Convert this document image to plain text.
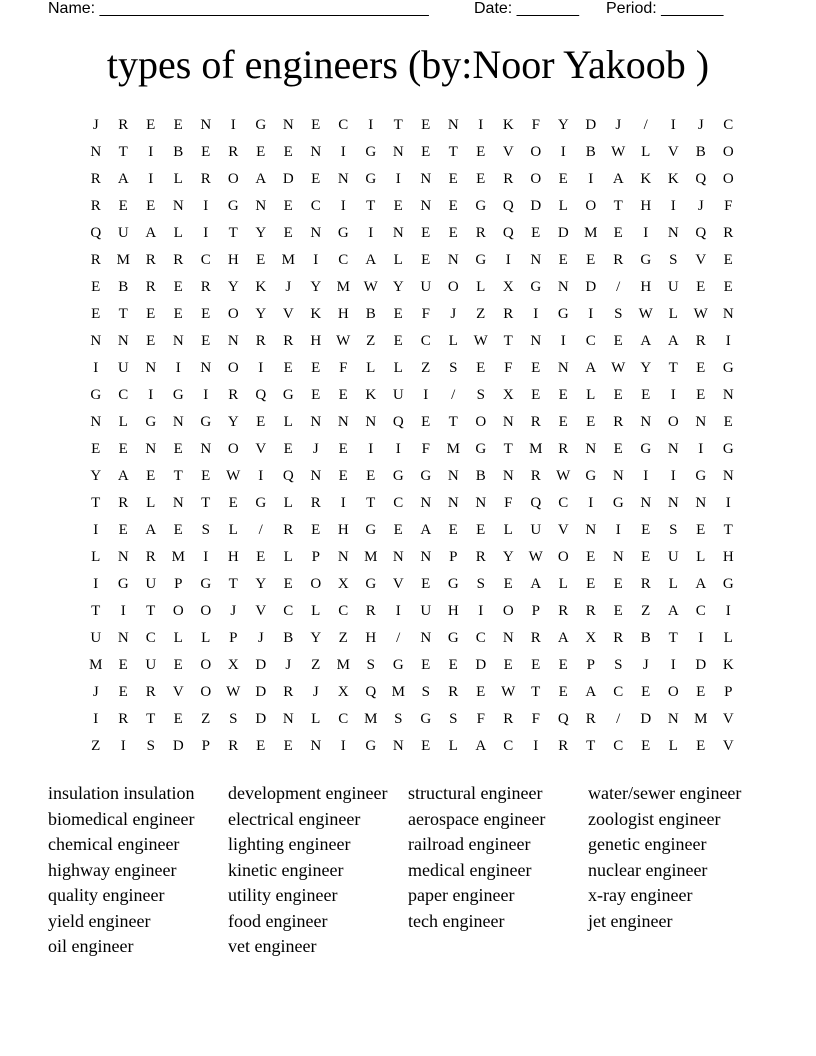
Name: _____________________________________	Date: _______ Period: _______
types of engineers (by:Noor Yakoob )
J	R	E	E	N	I	G	N	E	C	I	T	E	N	I	K	F	Y	D	J	/	I	J	C
N	T	I	B	E	R	E	E	N	I	G	N	E	T	E	V	O	I	B	W	L	V	B	O
R	A	I	L	R	O	A	D	E	N	G	I	N	E	E	R	O	E	I	A	K	K	Q	O
R	E	E	N	I	G	N	E	C	I	T	E	N	E	G	Q	D	L	O	T	H	I	J	F
Q	U	A	L	I	T	Y	E	N	G	I	N	E	E	R	Q	E	D	M	E	I	N	Q	R
R	M	R	R	C	H	E	M	I	C	A	L	E	N	G	I	N	E	E	R	G	S	V	E
E	B	R	E	R	Y	K	J	Y	M W	Y	U	O	L	X	G	N	D	/	H	U	E	E
E	T	E	E	E	O	Y	V	K	H	B	E	F	J	Z	R	I	G	I	S	W	L	W	N
N	N	E	N	E	N	R	R	H W	Z	E	C	L	W	T	N	I	C	E	A	A	R	I
I	U	N	I	N	O	I	E	E	F	L	L	Z	S	E	F	E	N	A W	Y	T	E	G
G	C	I	G	I	R	Q	G	E	E	K	U	I	/	S	X	E	E	L	E	E	I	E	N
N	L	G	N	G	Y	E	L	N	N	N	Q	E	T	O	N	R	E	E	R	N	O	N	E
E	E	N	E	N	O	V	E	J	E	I	I	F	M	G	T	M	R	N	E	G	N	I	G
Y	A	E	T	E	W	I	Q	N	E	E	G	G	N	B	N	R	W	G	N	I	I	G	N
T	R	L	N	T	E	G	L	R	I	T	C	N	N	N	F	Q	C	I	G	N	N	N	I
I	E	A	E	S	L	/	R	E	H	G	E	A	E	E	L	U	V	N	I	E	S	E	T
L	N	R	M	I	H	E	L	P	N	M	N	N	P	R	Y W	O	E	N	E	U	L	H
I	G	U	P	G	T	Y	E	O	X	G	V	E	G	S	E	A	L	E	E	R	L	A	G
T	I	T	O	O	J	V	C	L	C	R	I	U	H	I	O	P	R	R	E	Z	A	C	I
U	N	C	L	L	P	J	B	Y	Z	H	/	N	G	C	N	R	A	X	R	B	T	I	L
M	E	U	E	O	X	D	J	Z	M	S	G	E	E	D	E	E	E	P	S	J	I	D	K
J	E	R	V	O W	D	R	J	X	Q	M	S	R	E	W	T	E	A	C	E	O	E	P
I	R	T	E	Z	S	D	N	L	C	M	S	G	S	F	R	F	Q	R	/	D	N	M	V
Z	I	S	D	P	R	E	E	N	I	G	N	E	L	A	C	I	R	T	C	E	L	E	V
insulation insulation	development engineer	structural engineer	water/sewer engineer
biomedical engineer	electrical engineer	aerospace engineer	zoologist engineer
chemical engineer	lighting engineer	railroad engineer	genetic engineer
highway engineer	kinetic engineer	medical engineer	nuclear engineer
quality engineer	utility engineer	paper engineer	x-ray engineer
yield engineer	food engineer	tech engineer	jet engineer
oil engineer	vet engineer
